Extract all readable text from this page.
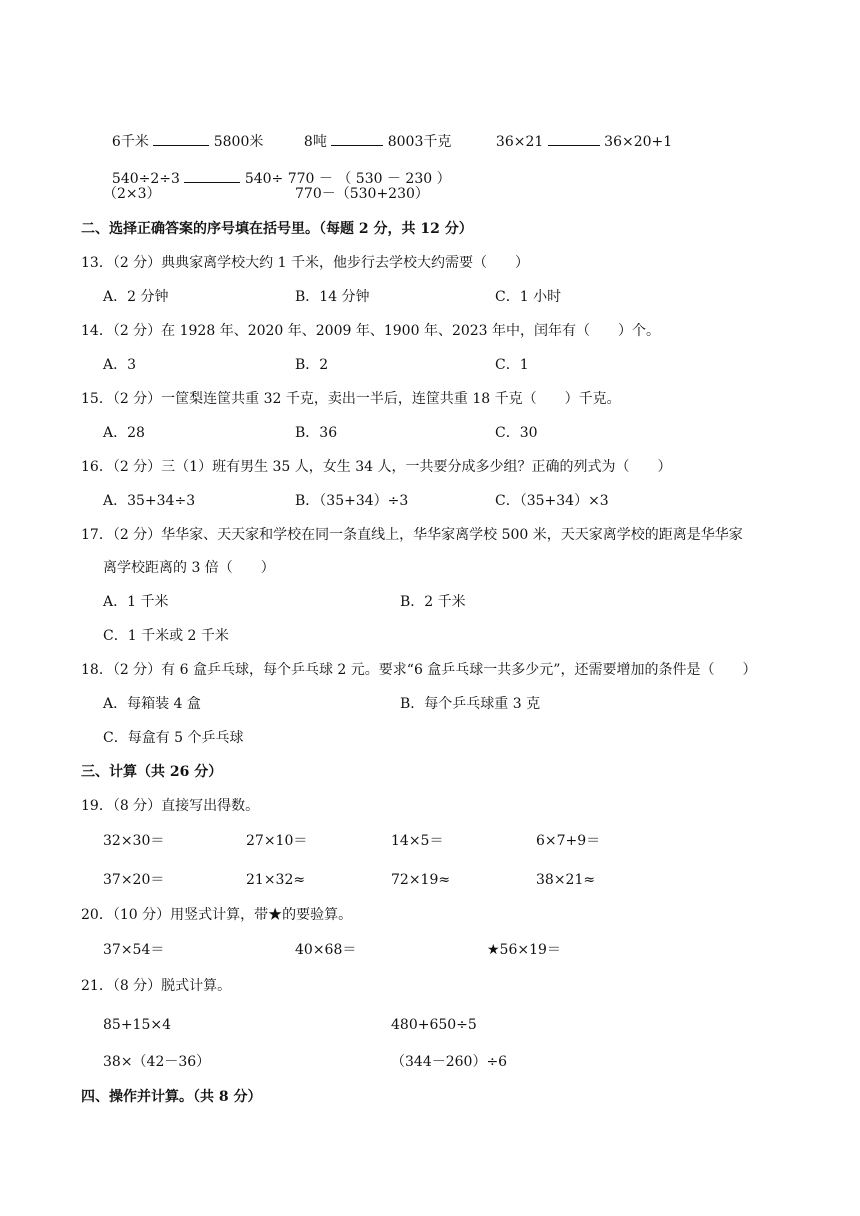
6千米	5800米	8吨	8003千克	36×21	36×20+1

540÷2÷3	540÷ 770 － （ 530 － 230 ）

（2×3）	770－（530+230）
二、选择正确答案的序号填在括号里。（每题 2 分，共 12 分）
13．（2 分）典典家离学校大约 1 千米，他步行去学校大约需要（　　）
A．2 分钟	B．14 分钟	C．1 小时
14．（2 分）在 1928 年、2020 年、2009 年、1900 年、2023 年中，闰年有（　　）个。
A．3	B．2	C．1
15．（2 分）一筐梨连筐共重 32 千克，卖出一半后，连筐共重 18 千克（　　）千克。
A．28	B．36	C．30
16．（2 分）三（1）班有男生 35 人，女生 34 人，一共要分成多少组？正确的列式为（　　）
A．35+34÷3	B．（35+34）÷3	C．（35+34）×3
17．（2 分）华华家、天天家和学校在同一条直线上，华华家离学校 500 米，天天家离学校的距离是华华家
离学校距离的 3 倍（　　）
A．1 千米	B．2 千米
C．1 千米或 2 千米
18．（2 分）有 6 盒乒乓球，每个乒乓球 2 元。要求“6 盒乒乓球一共多少元”，还需要增加的条件是（　　）
A．每箱装 4 盒	B．每个乒乓球重 3 克
C．每盒有 5 个乒乓球
三、计算（共 26 分）
19．（8 分）直接写出得数。
32×30＝	27×10＝	14×5＝	6×7+9＝
37×20＝	21×32≈	72×19≈	38×21≈
20．（10 分）用竖式计算，带★的要验算。
37×54＝	40×68＝	★56×19＝
21．（8 分）脱式计算。
85+15×4	480+650÷5
38×（42－36）	（344－260）÷6
四、操作并计算。（共 8 分）
